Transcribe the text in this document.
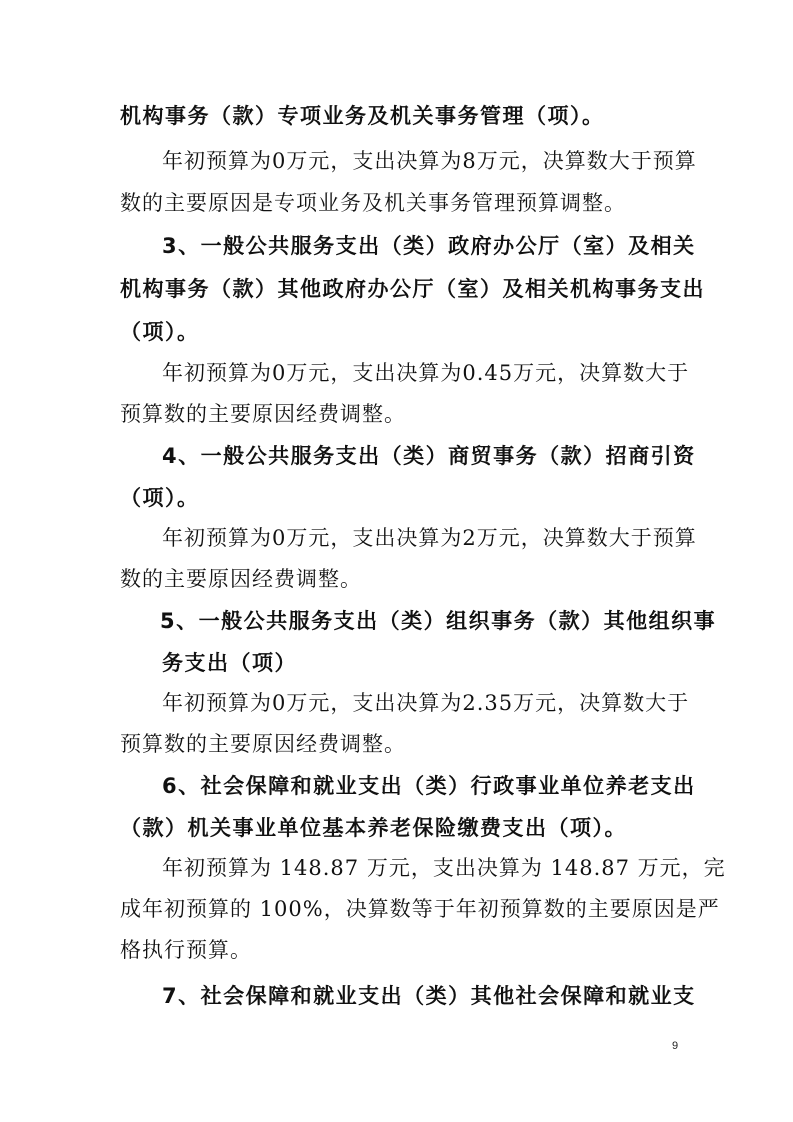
机构事务（款）专项业务及机关事务管理（项）。
年初预算为0万元，支出决算为8万元，决算数大于预算
数的主要原因是专项业务及机关事务管理预算调整。
3、一般公共服务支出（类）政府办公厅（室）及相关
机构事务（款）其他政府办公厅（室）及相关机构事务支出
（项）。
年初预算为0万元，支出决算为0.45万元，决算数大于
预算数的主要原因经费调整。
4、一般公共服务支出（类）商贸事务（款）招商引资
（项）。
年初预算为0万元，支出决算为2万元，决算数大于预算
数的主要原因经费调整。
5、一般公共服务支出（类）组织事务（款）其他组织事
务支出（项）
年初预算为0万元，支出决算为2.35万元，决算数大于
预算数的主要原因经费调整。
6、社会保障和就业支出（类）行政事业单位养老支出
（款）机关事业单位基本养老保险缴费支出（项）。
年初预算为 148.87 万元，支出决算为 148.87 万元，完
成年初预算的 100%，决算数等于年初预算数的主要原因是严
格执行预算。
7、社会保障和就业支出（类）其他社会保障和就业支
9
